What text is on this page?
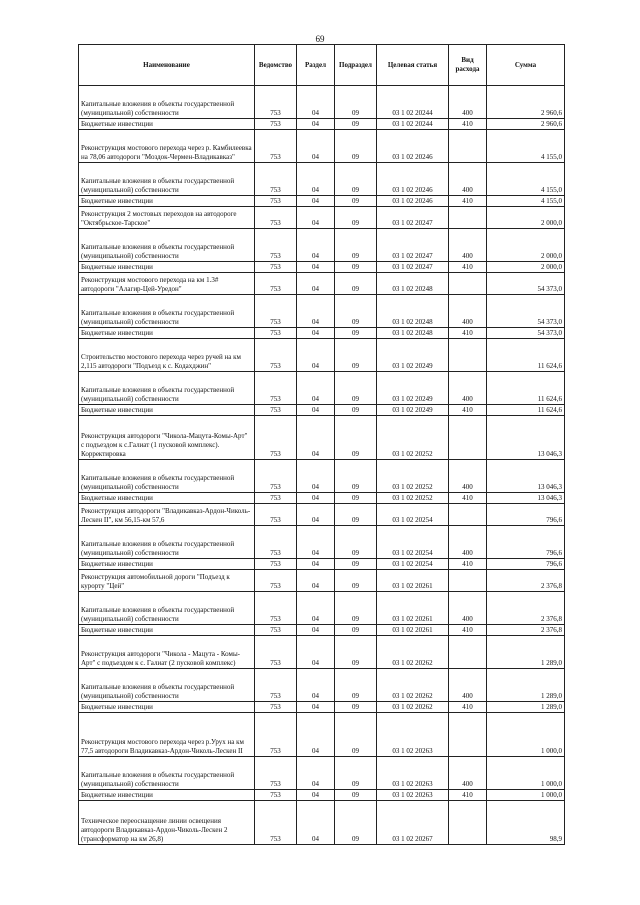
69
Наименование	Ведомство	Раздел	Подраздел	Целевая статья	Вид расхода	Сумма
Капитальные вложения в объекты государственной (муниципальной) собственности	753	04	09	03 1 02 20244	400	2 960,6
Бюджетные инвестиции	753	04	09	03 1 02 20244	410	2 960,6
Реконструкция мостового перехода через р. Камбилеевка на 78,06 автодороги "Моздок-Чермен-Владикавказ"	753	04	09	03 1 02 20246		4 155,0
Капитальные вложения в объекты государственной (муниципальной) собственности	753	04	09	03 1 02 20246	400	4 155,0
Бюджетные инвестиции	753	04	09	03 1 02 20246	410	4 155,0
Реконструкция 2 мостовых переходов на автодороге "Октябрьское-Тарское"	753	04	09	03 1 02 20247		2 000,0
Капитальные вложения в объекты государственной (муниципальной) собственности	753	04	09	03 1 02 20247	400	2 000,0
Бюджетные инвестиции	753	04	09	03 1 02 20247	410	2 000,0
Реконструкция мостового перехода на км 1.3# автодороги "Алагир-Цей-Уредон"	753	04	09	03 1 02 20248		54 373,0
Капитальные вложения в объекты государственной (муниципальной) собственности	753	04	09	03 1 02 20248	400	54 373,0
Бюджетные инвестиции	753	04	09	03 1 02 20248	410	54 373,0
Строительство мостового перехода через ручей на км 2,115 автодороги "Подъезд к с. Кодахджин"	753	04	09	03 1 02 20249		11 624,6
Капитальные вложения в объекты государственной (муниципальной) собственности	753	04	09	03 1 02 20249	400	11 624,6
Бюджетные инвестиции	753	04	09	03 1 02 20249	410	11 624,6
Реконструкция автодороги "Чикола-Мацута-Комы-Арт" с подъездом к с.Галиат (1 пусковой комплекс). Корректировка	753	04	09	03 1 02 20252		13 046,3
Капитальные вложения в объекты государственной (муниципальной) собственности	753	04	09	03 1 02 20252	400	13 046,3
Бюджетные инвестиции	753	04	09	03 1 02 20252	410	13 046,3
Реконструкция автодороги "Владикавказ-Ардон-Чиколь-Лескен II", км 56,15-км 57,6	753	04	09	03 1 02 20254		796,6
Капитальные вложения в объекты государственной (муниципальной) собственности	753	04	09	03 1 02 20254	400	796,6
Бюджетные инвестиции	753	04	09	03 1 02 20254	410	796,6
Реконструкция автомобильной дороги "Подъезд к курорту "Цей"	753	04	09	03 1 02 20261		2 376,8
Капитальные вложения в объекты государственной (муниципальной) собственности	753	04	09	03 1 02 20261	400	2 376,8
Бюджетные инвестиции	753	04	09	03 1 02 20261	410	2 376,8
Реконструкция автодороги "Чикола - Мацута - Комы-Арт" с подъездом к с. Галиат (2 пусковой комплекс)	753	04	09	03 1 02 20262		1 289,0
Капитальные вложения в объекты государственной (муниципальной) собственности	753	04	09	03 1 02 20262	400	1 289,0
Бюджетные инвестиции	753	04	09	03 1 02 20262	410	1 289,0
Реконструкция мостового перехода через р.Урух на км 77,5 автодороги Владикавказ-Ардон-Чиколь-Лескен II	753	04	09	03 1 02 20263		1 000,0
Капитальные вложения в объекты государственной (муниципальной) собственности	753	04	09	03 1 02 20263	400	1 000,0
Бюджетные инвестиции	753	04	09	03 1 02 20263	410	1 000,0
Техническое переоснащение линии освещения автодороги Владикавказ-Ардон-Чиколь-Лескен 2 (трансформатор на км 26,8)	753	04	09	03 1 02 20267		98,9
